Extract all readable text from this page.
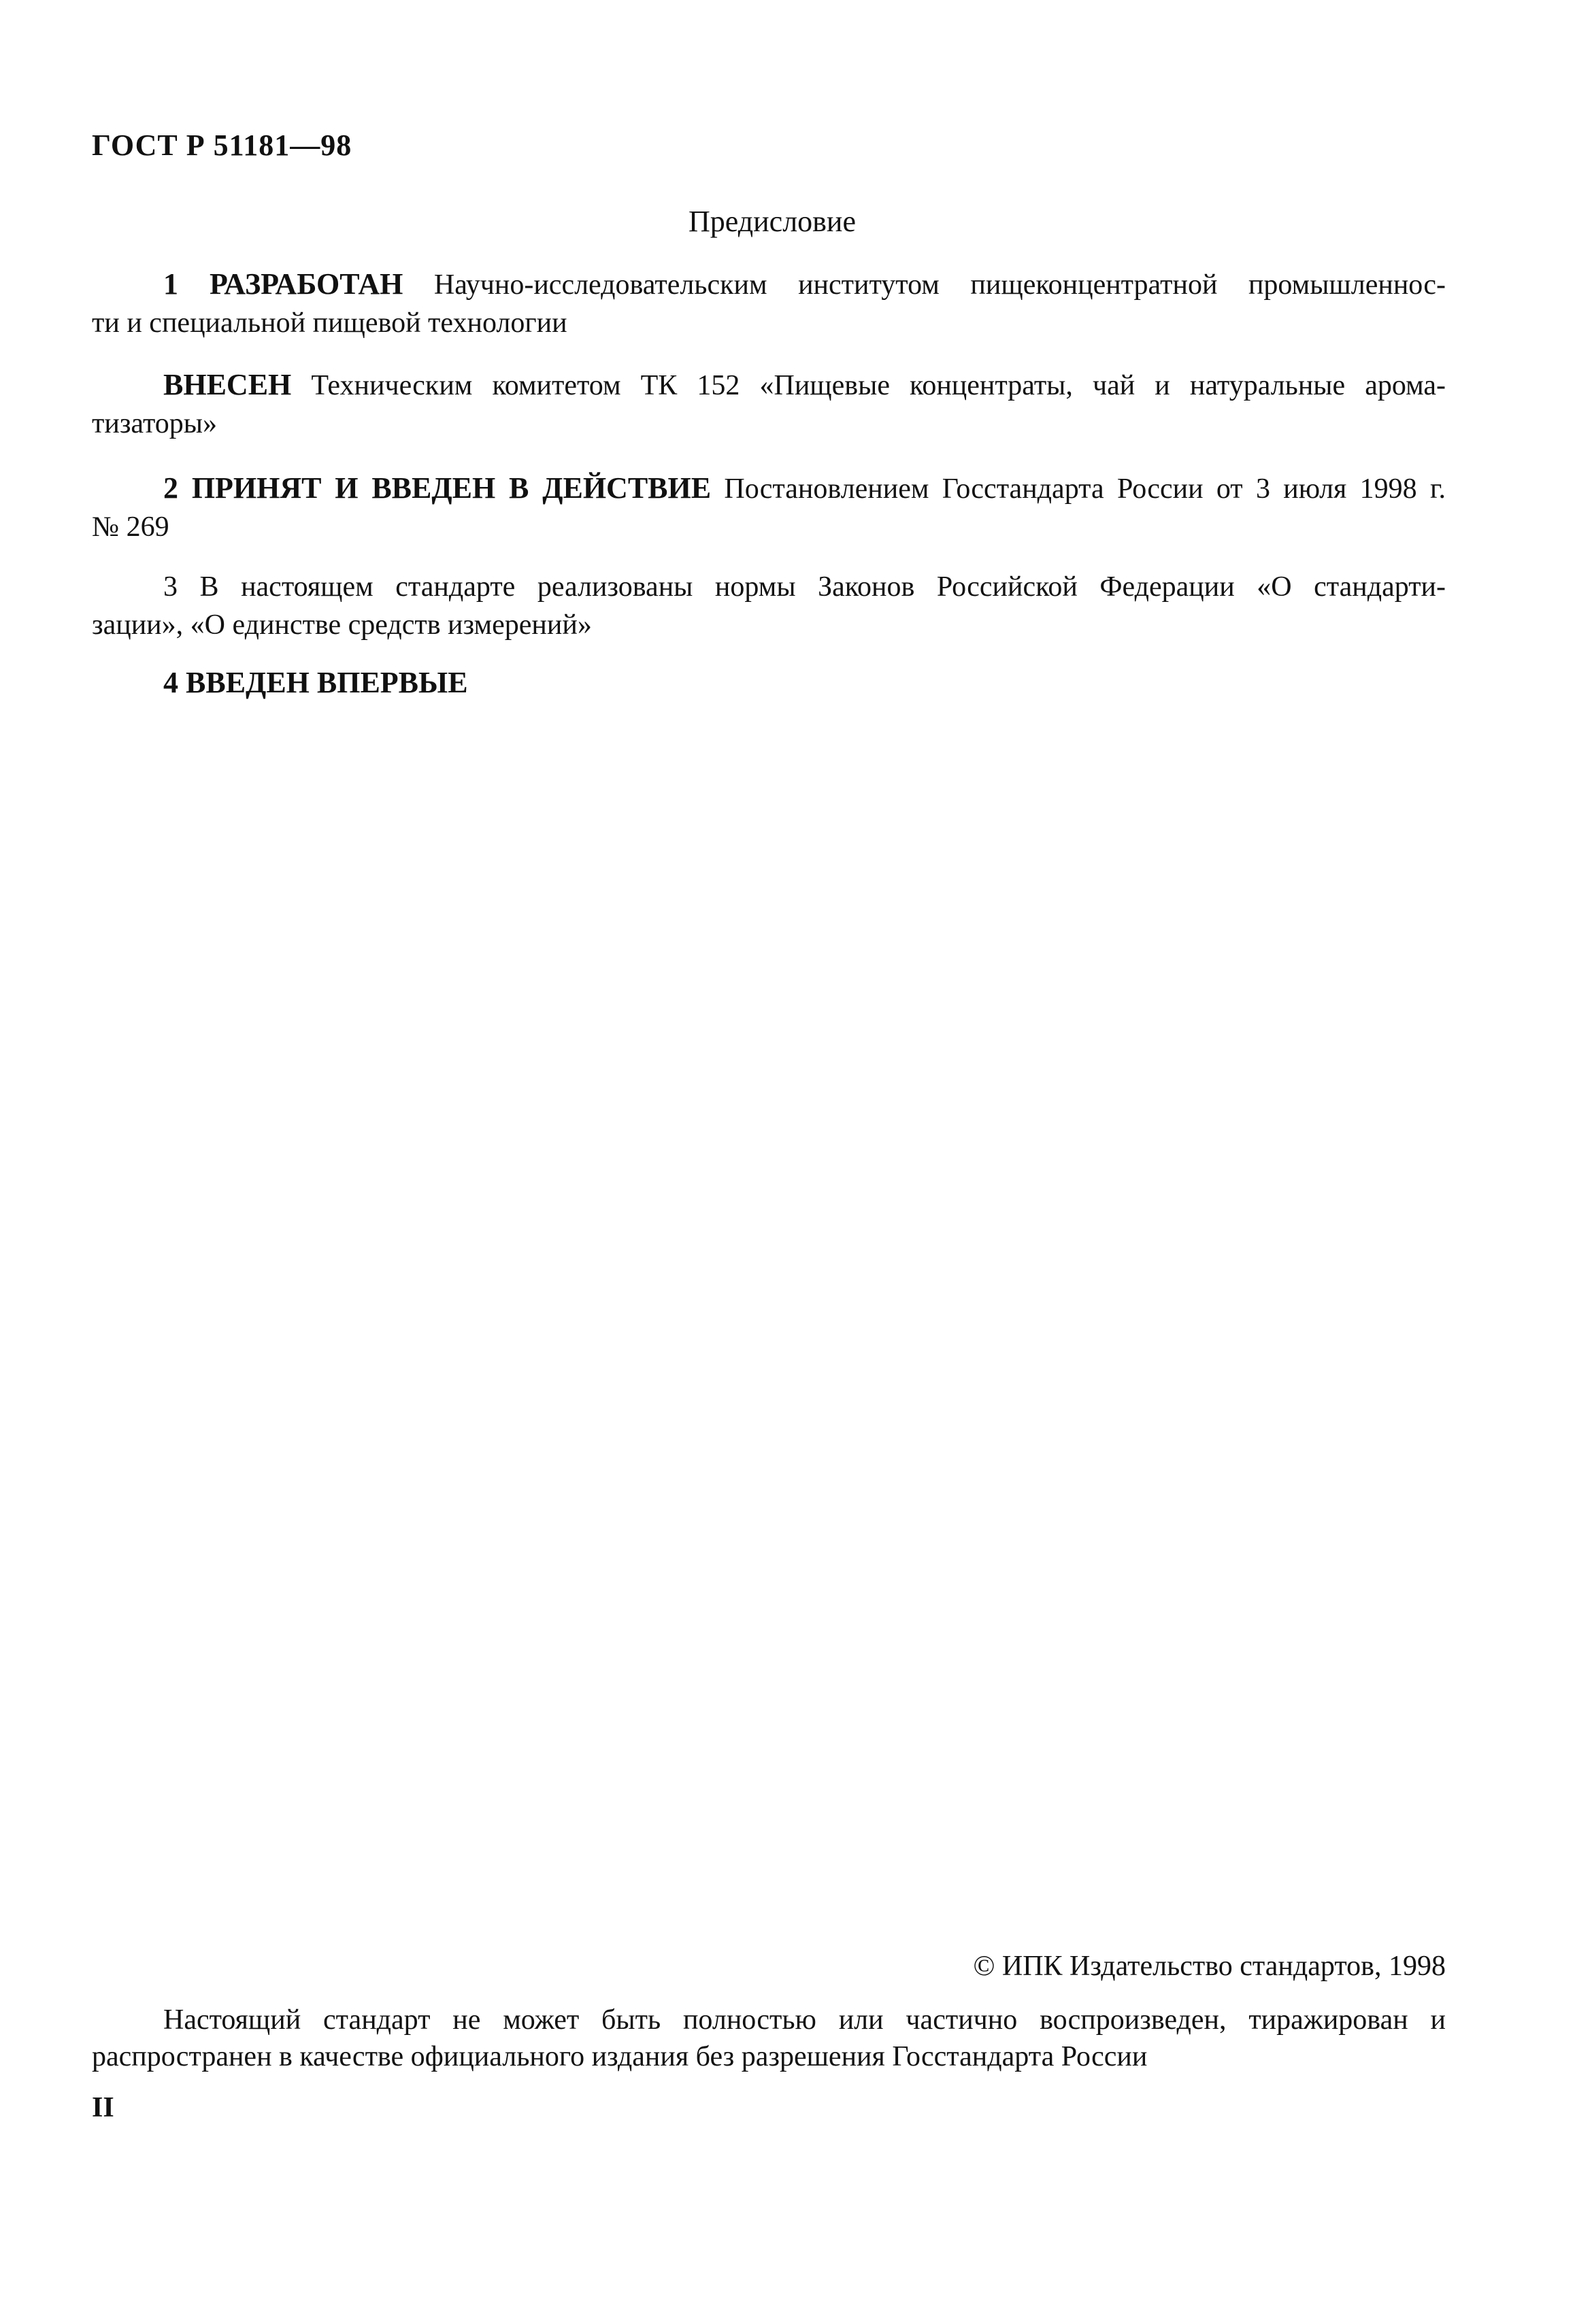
ГОСТ Р 51181—98
Предисловие
1 РАЗРАБОТАН Научно-исследовательским институтом пищеконцентратной промышленнос-
ти и специальной пищевой технологии
ВНЕСЕН Техническим комитетом ТК 152 «Пищевые концентраты, чай и натуральные арома-
тизаторы»
2 ПРИНЯТ И ВВЕДЕН В ДЕЙСТВИЕ Постановлением Госстандарта России от 3 июля 1998 г.
№ 269
3 В настоящем стандарте реализованы нормы Законов Российской Федерации «О стандарти-
зации», «О единстве средств измерений»
4 ВВЕДЕН ВПЕРВЫЕ
© ИПК Издательство стандартов, 1998
Настоящий стандарт не может быть полностью или частично воспроизведен, тиражирован и
распространен в качестве официального издания без разрешения Госстандарта России
II
